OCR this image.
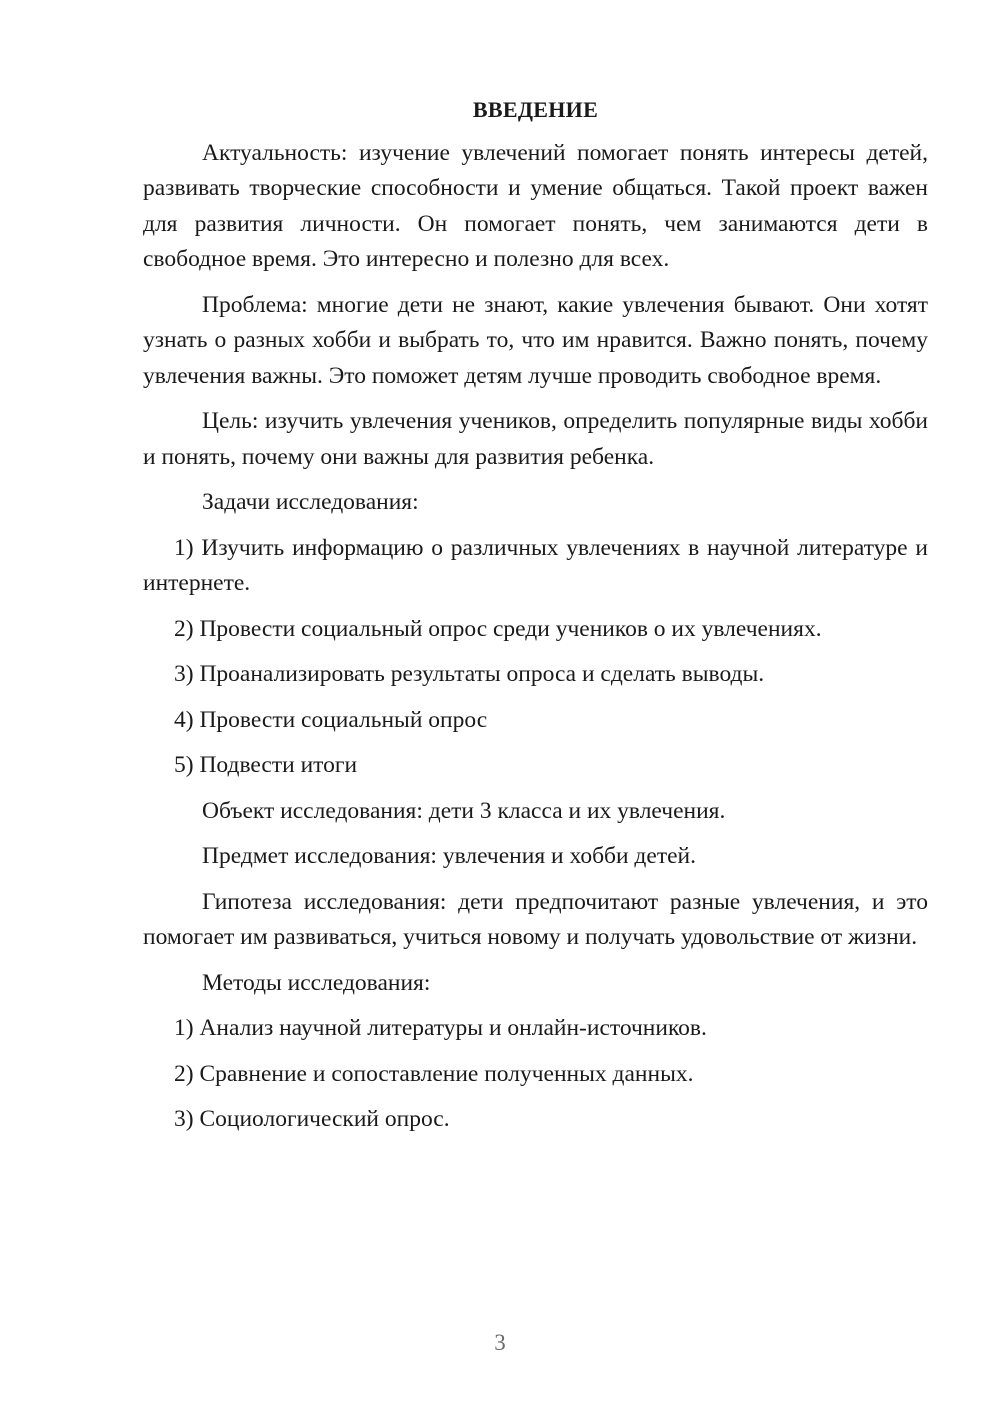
ВВЕДЕНИЕ

Актуальность: изучение увлечений помогает понять интересы детей, развивать творческие способности и умение общаться. Такой проект важен для развития личности. Он помогает понять, чем занимаются дети в свободное время. Это интересно и полезно для всех.

Проблема: многие дети не знают, какие увлечения бывают. Они хотят узнать о разных хобби и выбрать то, что им нравится. Важно понять, почему увлечения важны. Это поможет детям лучше проводить свободное время.

Цель: изучить увлечения учеников, определить популярные виды хобби и понять, почему они важны для развития ребенка.

Задачи исследования:

1) Изучить информацию о различных увлечениях в научной литературе и интернете.

2) Провести социальный опрос среди учеников о их увлечениях.

3) Проанализировать результаты опроса и сделать выводы.

4) Провести социальный опрос

5) Подвести итоги

Объект исследования: дети 3 класса и их увлечения.

Предмет исследования: увлечения и хобби детей.

Гипотеза исследования: дети предпочитают разные увлечения, и это помогает им развиваться, учиться новому и получать удовольствие от жизни.

Методы исследования:

1) Анализ научной литературы и онлайн-источников.

2) Сравнение и сопоставление полученных данных.

3) Социологический опрос.

3
